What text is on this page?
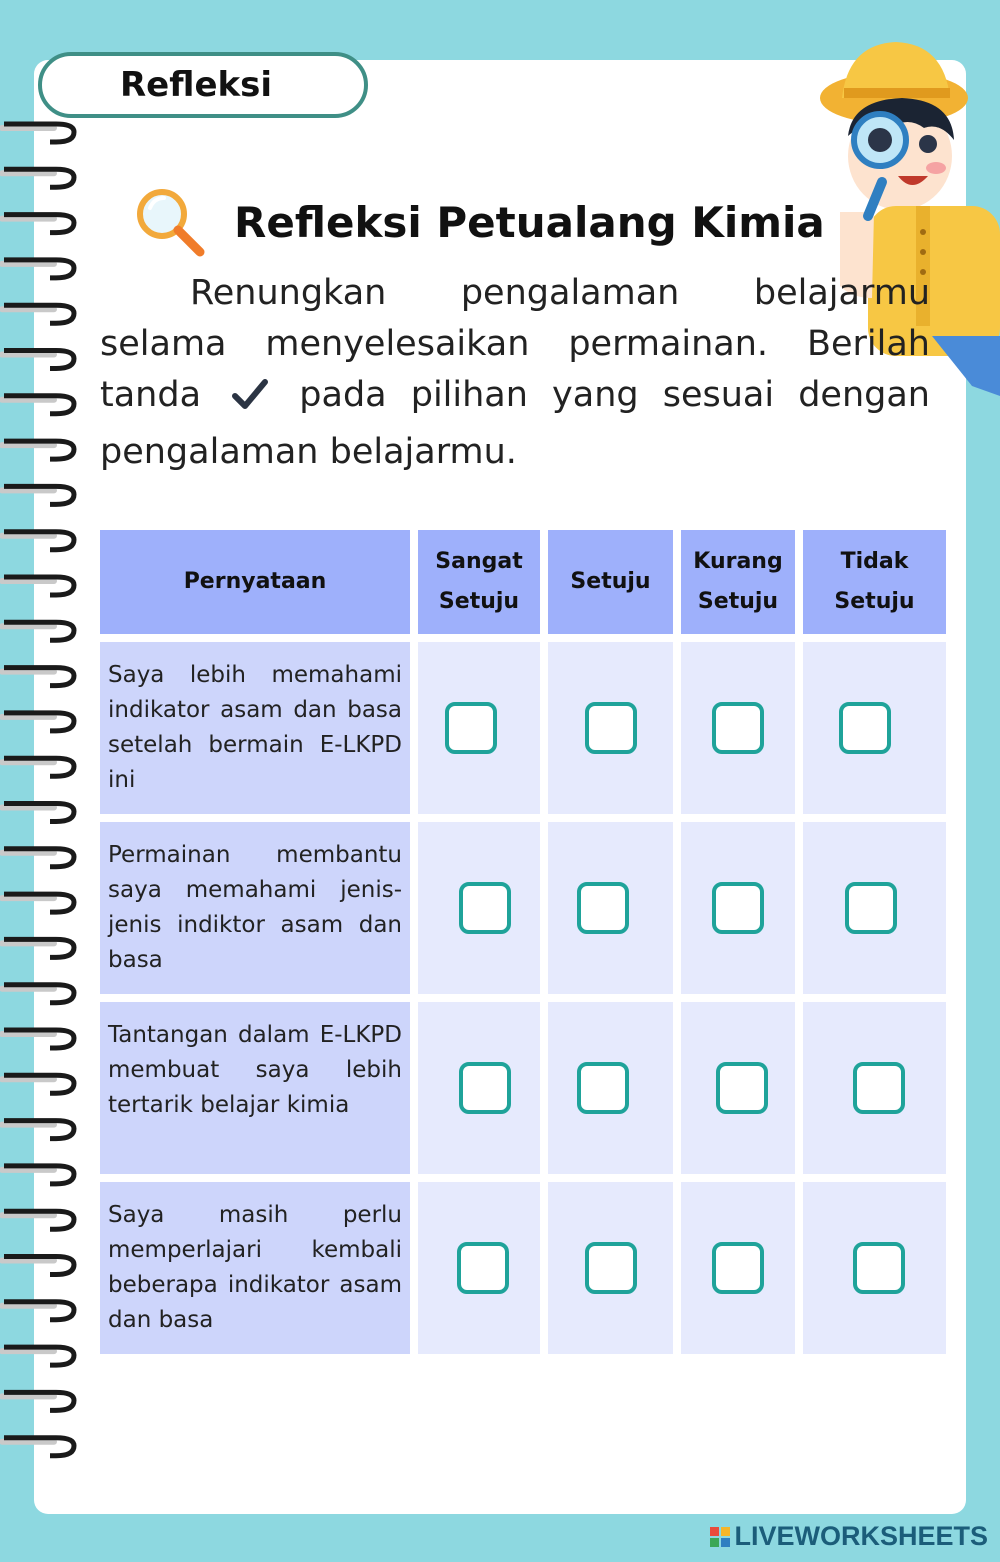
Refleksi
Refleksi Petualang Kimia
Renungkan pengalaman belajarmu selama menyelesaikan permainan. Berilah tanda	pada pilihan yang sesuai dengan pengalaman belajarmu.
Pernyataan
Sangat
Setuju
Setuju
Kurang
Setuju
Tidak
Setuju
Saya lebih memahami indikator asam dan basa setelah bermain E-LKPD ini
Permainan membantu saya memahami jenis-jenis indiktor asam dan basa
Tantangan dalam E-LKPD membuat saya lebih tertarik belajar kimia
Saya masih perlu memperlajari kembali beberapa indikator asam dan basa
LIVEWORKSHEETS
